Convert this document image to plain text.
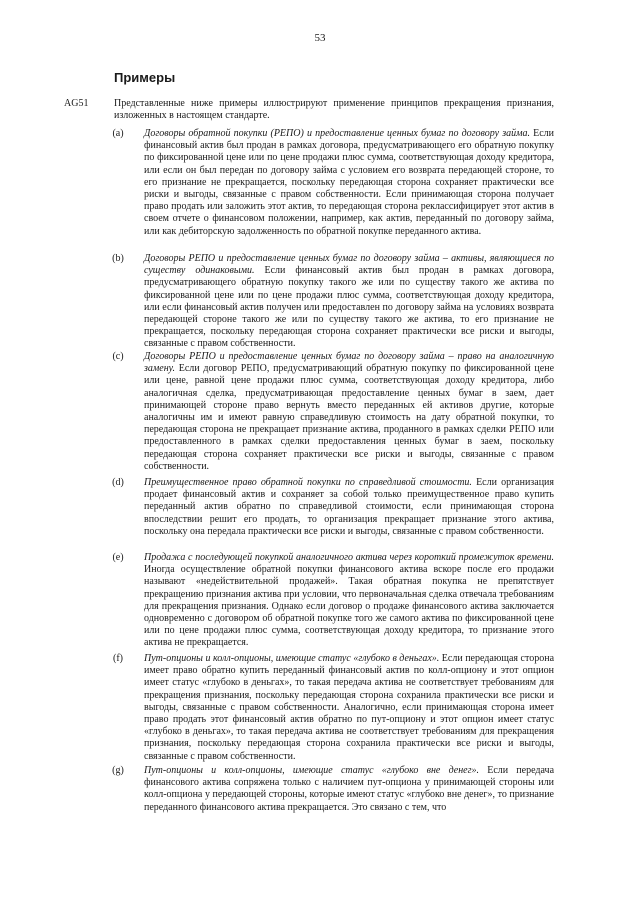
53
Примеры
AG51	Представленные ниже примеры иллюстрируют применение принципов прекращения признания, изложенных в настоящем стандарте.
(a)	Договоры обратной покупки (РЕПО) и предоставление ценных бумаг по договору займа. Если финансовый актив был продан в рамках договора, предусматривающего его обратную покупку по фиксированной цене или по цене продажи плюс сумма, соответствующая доходу кредитора, или если он был передан по договору займа с условием его возврата передающей стороне, то его признание не прекращается, поскольку передающая сторона сохраняет практически все риски и выгоды, связанные с правом собственности. Если принимающая сторона получает право продать или заложить этот актив, то передающая сторона реклассифицирует этот актив в своем отчете о финансовом положении, например, как актив, переданный по договору займа, или как дебиторскую задолженность по обратной покупке переданного актива.

(b)	Договоры РЕПО и предоставление ценных бумаг по договору займа – активы, являющиеся по существу одинаковыми. Если финансовый актив был продан в рамках договора, предусматривающего обратную покупку такого же или по существу такого же актива по фиксированной цене или по цене продажи плюс сумма, соответствующая доходу кредитора, или если финансовый актив получен или предоставлен по договору займа на условиях возврата передающей стороне такого же или по существу такого же актива, то его признание не прекращается, поскольку передающая сторона сохраняет практически все риски и выгоды, связанные с правом собственности.

(c)	Договоры РЕПО и предоставление ценных бумаг по договору займа – право на аналогичную замену. Если договор РЕПО, предусматривающий обратную покупку по фиксированной цене или цене, равной цене продажи плюс сумма, соответствующая доходу кредитора, либо аналогичная сделка, предусматривающая предоставление ценных бумаг в заем, дает принимающей стороне право вернуть вместо переданных ей активов другие, которые аналогичны им и имеют равную справедливую стоимость на дату обратной покупки, то передающая сторона не прекращает признание актива, проданного в рамках сделки РЕПО или предоставленного в рамках сделки предоставления ценных бумаг в заем, поскольку передающая сторона сохраняет практически все риски и выгоды, связанные с правом собственности.

(d)	Преимущественное право обратной покупки по справедливой стоимости. Если организация продает финансовый актив и сохраняет за собой только преимущественное право купить переданный актив обратно по справедливой стоимости, если принимающая сторона впоследствии решит его продать, то организация прекращает признание этого актива, поскольку она передала практически все риски и выгоды, связанные с правом собственности.

(e)	Продажа с последующей покупкой аналогичного актива через короткий промежуток времени. Иногда осуществление обратной покупки финансового актива вскоре после его продажи называют «недействительной продажей». Такая обратная покупка не препятствует прекращению признания актива при условии, что первоначальная сделка отвечала требованиям для прекращения признания. Однако если договор о продаже финансового актива заключается одновременно с договором об обратной покупке того же самого актива по фиксированной цене или по цене продажи плюс сумма, соответствующая доходу кредитора, то признание этого актива не прекращается.

(f)	Пут-опционы и колл-опционы, имеющие статус «глубоко в деньгах». Если передающая сторона имеет право обратно купить переданный финансовый актив по колл-опциону и этот опцион имеет статус «глубоко в деньгах», то такая передача актива не соответствует требованиям для прекращения признания, поскольку передающая сторона сохранила практически все риски и выгоды, связанные с правом собственности. Аналогично, если принимающая сторона имеет право продать этот финансовый актив обратно по пут-опциону и этот опцион имеет статус «глубоко в деньгах», то такая передача актива не соответствует требованиям для прекращения признания, поскольку передающая сторона сохранила практически все риски и выгоды, связанные с правом собственности.

(g)	Пут-опционы и колл-опционы, имеющие статус «глубоко вне денег». Если передача финансового актива сопряжена только с наличием пут-опциона у принимающей стороны или колл-опциона у передающей стороны, которые имеют статус «глубоко вне денег», то признание переданного финансового актива прекращается. Это связано с тем, что
